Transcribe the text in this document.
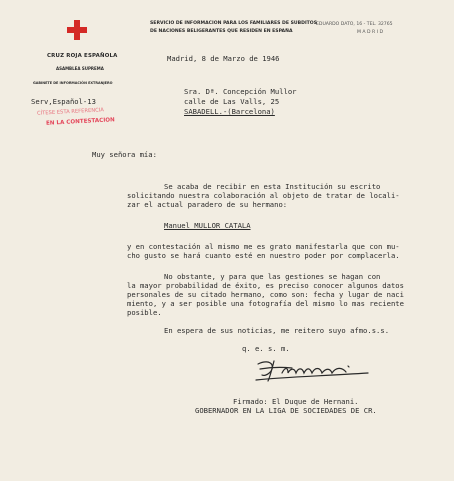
CRUZ ROJA ESPAÑOLA
ASAMBLEA SUPREMA
GABINETE DE INFORMACIÓN EXTRANJERO
SERVICIO DE INFORMACION PARA LOS FAMILIARES DE SUBDITOS
DE NACIONES BELIGERANTES QUE RESIDEN EN ESPAÑA
EDUARDO DATO, 16 - TEL. 32765
M A D R I D
Serv,Español-13
CÍTESE ESTA REFERENCIA
EN LA CONTESTACION
Madrid, 8 de Marzo de 1946
Sra. Dª. Concepción Mullor
calle de Las Valls, 25
SABADELL.-(Barcelona)
Muy señora mía:
Se acaba de recibir en esta Institución su escrito
solicitando nuestra colaboración al objeto de tratar de locali-
zar el actual paradero de su hermano:
Manuel MULLOR CATALA
y en contestación al mismo me es grato manifestarla que con mu-
cho gusto se hará cuanto esté en nuestro poder por complacerla.
No obstante, y para que las gestiones se hagan con
la mayor probabilidad de éxito, es preciso conocer algunos datos
personales de su citado hermano, como son: fecha y lugar de naci
miento, y a ser posible una fotografía del mismo lo mas reciente
posible.
En espera de sus noticias, me reitero suyo afmo.s.s.
q. e. s. m.
Firmado: El Duque de Hernani.
GOBERNADOR EN LA LIGA DE SOCIEDADES DE CR.
